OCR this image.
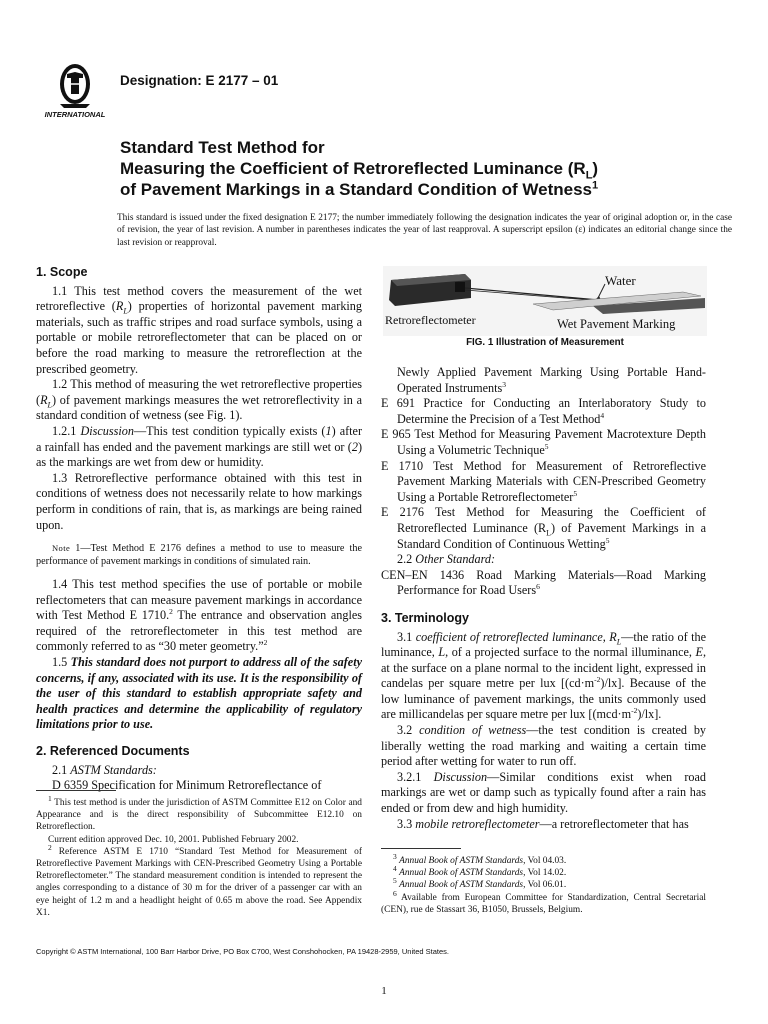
INTERNATIONAL
Designation: E 2177 – 01
Standard Test Method for
Measuring the Coefficient of Retroreflected Luminance $(R_L)$
of Pavement Markings in a Standard Condition of Wetness$^1$
This standard is issued under the fixed designation E 2177; the number immediately following the designation indicates the year of original adoption or, in the case of revision, the year of last revision. A number in parentheses indicates the year of last reapproval. A superscript epsilon (ε) indicates an editorial change since the last revision or reapproval.
1. Scope

1.1 This test method covers the measurement of the wet retroreflective $(R_L)$ properties of horizontal pavement marking materials, such as traffic stripes and road surface symbols, using a portable or mobile retroreflectometer that can be placed on or before the road marking to measure the retroreflection at the prescribed geometry.

1.2 This method of measuring the wet retroreflective properties $(R_L)$ of pavement markings measures the wet retroreflectivity in a standard condition of wetness (see Fig. 1).

1.2.1 Discussion—This test condition typically exists (1) after a rainfall has ended and the pavement markings are still wet or (2) as the markings are wet from dew or humidity.

1.3 Retroreflective performance obtained with this test in conditions of wetness does not necessarily relate to how markings perform in conditions of rain, that is, as markings are being rained upon.

Note 1—Test Method E 2176 defines a method to use to measure the performance of pavement markings in conditions of simulated rain.

1.4 This test method specifies the use of portable or mobile reflectometers that can measure pavement markings in accordance with Test Method E 1710.$^2$ The entrance and observation angles required of the retroreflectometer in this test method are commonly referred to as “30 meter geometry.”$^2$

1.5 This standard does not purport to address all of the safety concerns, if any, associated with its use. It is the responsibility of the user of this standard to establish appropriate safety and health practices and determine the applicability of regulatory limitations prior to use.

2. Referenced Documents

2.1 ASTM Standards:

D 6359 Specification for Minimum Retroreflectance of

Water
Retroreflectometer	Wet Pavement Marking
FIG. 1 Illustration of Measurement

Newly Applied Pavement Marking Using Portable Hand-Operated Instruments$^3$

E 691 Practice for Conducting an Interlaboratory Study to Determine the Precision of a Test Method$^4$

E 965 Test Method for Measuring Pavement Macrotexture Depth Using a Volumetric Technique$^5$

E 1710 Test Method for Measurement of Retroreflective Pavement Marking Materials with CEN-Prescribed Geometry Using a Portable Retroreflectometer$^5$

E 2176 Test Method for Measuring the Coefficient of Retroreflected Luminance $(R_L)$ of Pavement Markings in a Standard Condition of Continuous Wetting$^5$

2.2 Other Standard:

CEN–EN 1436 Road Marking Materials—Road Marking Performance for Road Users$^6$

3. Terminology

3.1 coefficient of retroreflected luminance, $R_L—the$ ratio of the luminance, L, of a projected surface to the normal illuminance, E, at the surface on a plane normal to the incident light, expressed in candelas per square metre per lux $[(cd\cdot m^{-2})/lx]$. Because of the low luminance of pavement markings, the units commonly used are millicandelas per square metre per lux $[(mcd\cdot m^{-2})/lx]$.

3.2 condition of wetness—the test condition is created by liberally wetting the road marking and waiting a certain time period after wetting for water to run off.

3.2.1 Discussion—Similar conditions exist when road markings are wet or damp such as typically found after a rain has ended or from dew and high humidity.

3.3 mobile retroreflectometer—a retroreflectometer that has

$^1$ This test method is under the jurisdiction of ASTM Committee E12 on Color and Appearance and is the direct responsibility of Subcommittee E12.10 on Retroreflection.

Current edition approved Dec. 10, 2001. Published February 2002.

$^2$ Reference ASTM E 1710 “Standard Test Method for Measurement of Retroreflective Pavement Markings with CEN-Prescribed Geometry Using a Portable Retroreflectometer.” The standard measurement condition is intended to represent the angles corresponding to a distance of 30 m for the driver of a passenger car with an eye height of 1.2 m and a headlight height of 0.65 m above the road. See Appendix X1.

$^3$ Annual Book of ASTM Standards, Vol 04.03.

$^4$ Annual Book of ASTM Standards, Vol 14.02.

$^5$ Annual Book of ASTM Standards, Vol 06.01.

$^6$ Available from European Committee for Standardization, Central Secretarial (CEN), rue de Stassart 36, B1050, Brussels, Belgium.

Copyright © ASTM International, 100 Barr Harbor Drive, PO Box C700, West Conshohocken, PA 19428-2959, United States.
1
